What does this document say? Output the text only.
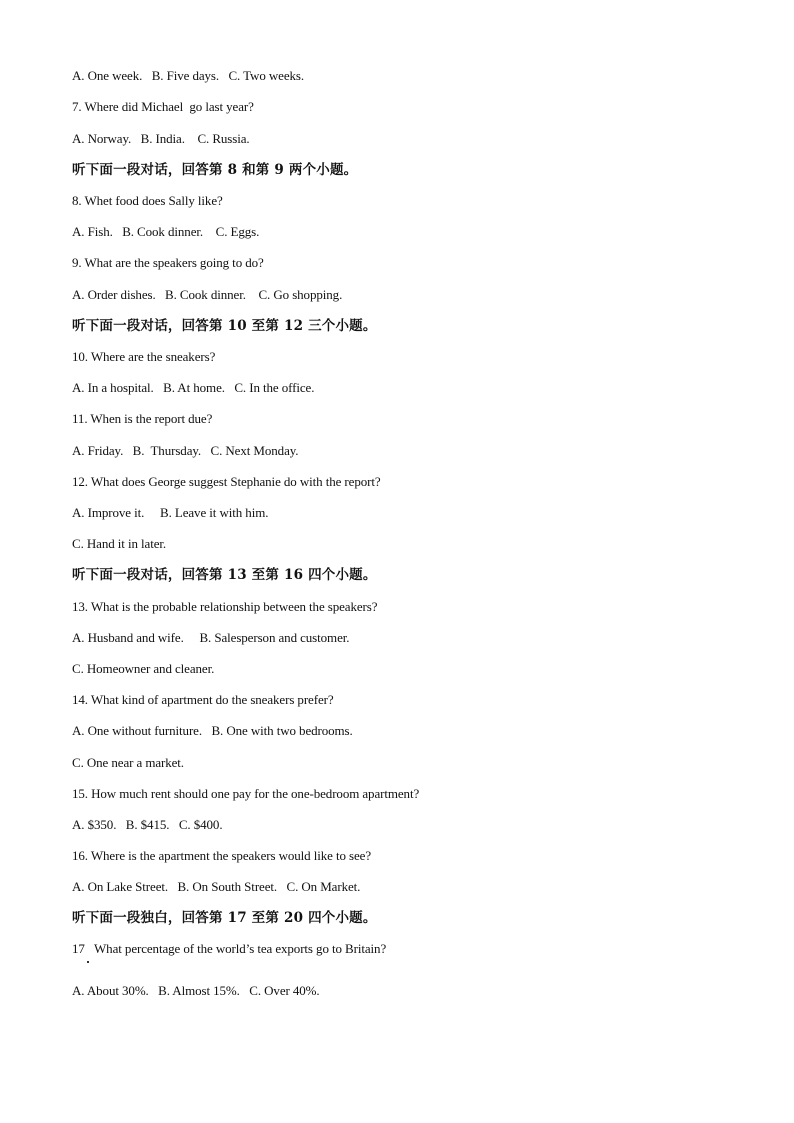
A. One week.   B. Five days.   C. Two weeks.
7. Where did Michael  go last year?
A. Norway.   B. India.    C. Russia.
听下面一段对话，回答第 8 和第 9 两个小题。
8. Whet food does Sally like?
A. Fish.   B. Cook dinner.    C. Eggs.
9. What are the speakers going to do?
A. Order dishes.   B. Cook dinner.    C. Go shopping.
听下面一段对话，回答第 10 至第 12 三个小题。
10. Where are the sneakers?
A. In a hospital.   B. At home.   C. In the office.
11. When is the report due?
A. Friday.   B.  Thursday.   C. Next Monday.
12. What does George suggest Stephanie do with the report?
A. Improve it.     B. Leave it with him.
C. Hand it in later.
听下面一段对话，回答第 13 至第 16 四个小题。
13. What is the probable relationship between the speakers?
A. Husband and wife.     B. Salesperson and customer.
C. Homeowner and cleaner.
14. What kind of apartment do the sneakers prefer?
A. One without furniture.   B. One with two bedrooms.
C. One near a market.
15. How much rent should one pay for the one-bedroom apartment?
A. $350.   B. $415.   C. $400.
16. Where is the apartment the speakers would like to see?
A. On Lake Street.   B. On South Street.   C. On Market.
听下面一段独白，回答第 17 至第 20 四个小题。
17   What percentage of the world’s tea exports go to Britain?
A. About 30%.   B. Almost 15%.   C. Over 40%.
